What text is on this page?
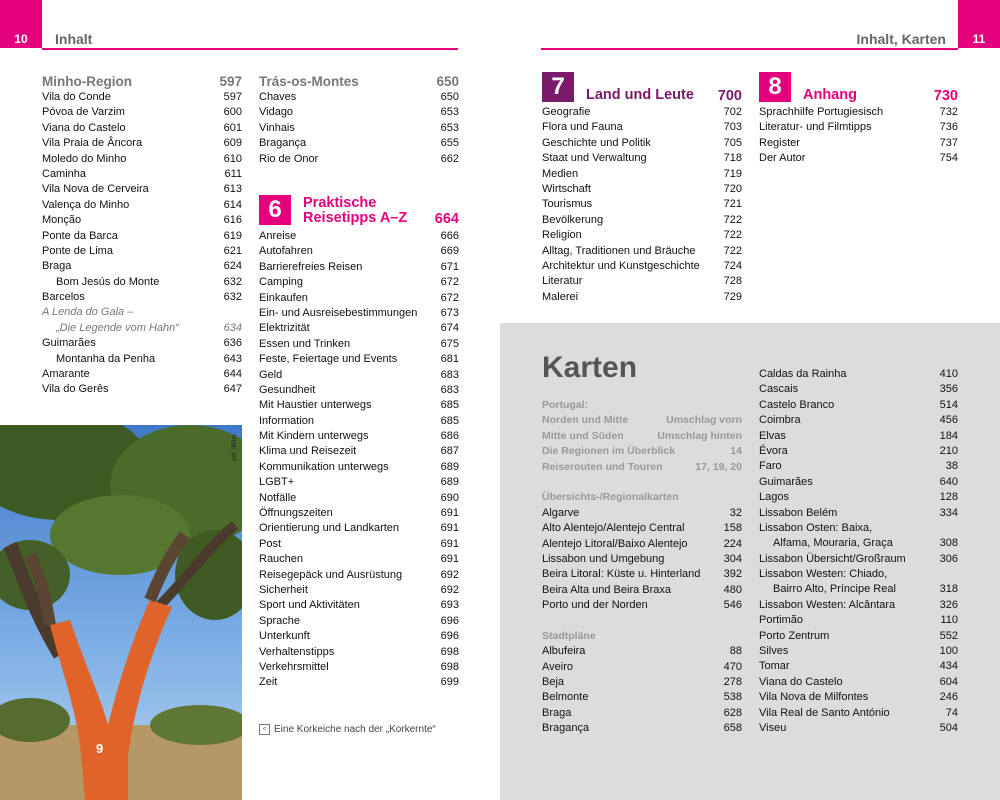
10 Inhalt	11
Inhalt, Karten
Minho-Region	597
Vila do Conde	597
Póvoa de Varzim	600
Viana do Castelo	601
Vila Praia de Âncora	609
Moledo do Minho	610
Caminha	611
Vila Nova de Cerveira	613
Valença do Minho	614
Monção	616
Ponte da Barca	619
Ponte de Lima	621
Braga	624
Bom Jesús do Monte	632
Barcelos	632
A Lenda do Gala –
„Die Legende vom Hahn“	634
Guimarães	636
Montanha da Penha	643
Amarante	644
Vila do Gerês	647
Trás-os-Montes	650
Chaves	650
Vidago	653
Vinhais	653
Bragança	655
Rio de Onor	662
6	Praktische
Reisetipps A–Z	664
Anreise	666
Autofahren	669
Barrierefreies Reisen	671
Camping	672
Einkaufen	672
Ein- und Ausreisebestimmungen 673
Elektrizität	674
Essen und Trinken	675
Feste, Feiertage und Events	681
Geld	683
Gesundheit	683
Mit Haustier unterwegs	685
Information	685
Mit Kindern unterwegs	686
Klima und Reisezeit	687
Kommunikation unterwegs	689
LGBT+	689
Notfälle	690
Öffnungszeiten	691
Orientierung und Landkarten	691
Post	691
Rauchen	691
Reisegepäck und Ausrüstung	692
Sicherheit	692
Sport und Aktivitäten	693
Sprache	696
Unterkunft	696
Verhaltenstipps	698
Verkehrsmittel	698
Zeit	699
9
pdf_384ts
< Eine Korkeiche nach der „Korkernte“
7	Land und Leute	700
Geografie	702
Flora und Fauna	703
Geschichte und Politik	705
Staat und Verwaltung	718
Medien	719
Wirtschaft	720
Tourismus	721
Bevölkerung	722
Religion	722
Alltag, Traditionen und Bräuche	722
Architektur und Kunstgeschichte 724
Literatur	728
Malerei	729
8	Anhang	730
Sprachhilfe Portugiesisch	732
Literatur- und Filmtipps	736
Register	737
Der Autor	754
Karten
Portugal:
Norden und Mitte	Umschlag vorn
Mitte und Süden	Umschlag hinten
Die Regionen im Überblick	14
Reiserouten und Touren	17, 19, 20
Übersichts-/Regionalkarten
Algarve	32
Alto Alentejo/Alentejo Central	158
Alentejo Litoral/Baixo Alentejo	224
Lissabon und Umgebung	304
Beira Litoral: Küste u. Hinterland 392
Beira Alta und Beira Braxa	480
Porto und der Norden	546
Stadtpläne
Albufeira	88
Aveiro	470
Beja	278
Belmonte	538
Braga	628
Bragança	658
Caldas da Rainha	410
Cascais	356
Castelo Branco	514
Coimbra	456
Elvas	184
Évora	210
Faro	38
Guimarães	640
Lagos	128
Lissabon Belém	334
Lissabon Osten: Baixa,
Alfama, Mouraria, Graça	308
Lissabon Übersicht/Großraum	306
Lissabon Westen: Chiado,
Bairro Alto, Príncipe Real	318
Lissabon Westen: Alcântara	326
Portimão	110
Porto Zentrum	552
Silves	100
Tomar	434
Viana do Castelo	604
Vila Nova de Milfontes	246
Vila Real de Santo António	74
Viseu	504
